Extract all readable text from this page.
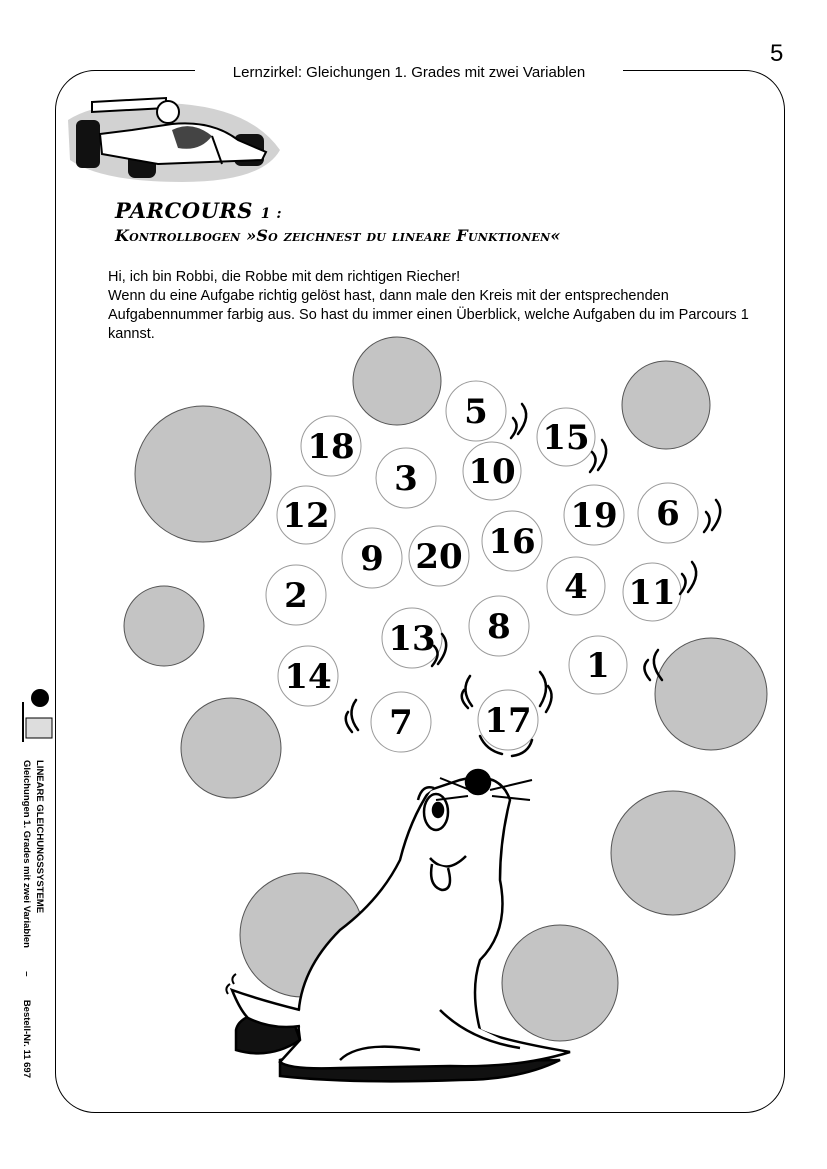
5
Lernzirkel: Gleichungen 1. Grades mit zwei Variablen
PARCOURS 1 :
Kontrollbogen »So zeichnest du lineare Funktionen«

Hi, ich bin Robbi, die Robbe mit dem richtigen Riecher!

Wenn du eine Aufgabe richtig gelöst hast, dann male den Kreis mit der entsprechenden Aufgabennummer farbig aus. So hast du immer einen Überblick, welche Aufgaben du im Parcours 1 kannst.

5
15
18
3 10
12	19 6
9 20 16
2	4 11
13 8
14	1
7 17
LINEARE GLEICHUNGSSYSTEME
Gleichungen 1. Grades mit zwei Variablen
–
Bestell-Nr. 11 697
